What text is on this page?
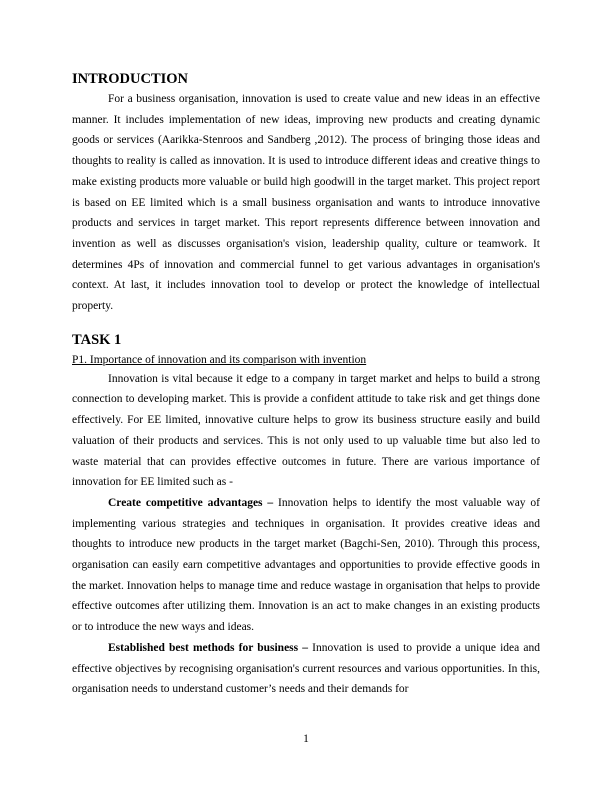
INTRODUCTION

For a business organisation, innovation is used to create value and new ideas in an effective manner. It includes implementation of new ideas, improving new products and creating dynamic goods or services (Aarikka-Stenroos and Sandberg ,2012). The process of bringing those ideas and thoughts to reality is called as innovation. It is used to introduce different ideas and creative things to make existing products more valuable or build high goodwill in the target market. This project report is based on EE limited which is a small business organisation and wants to introduce innovative products and services in target market. This report represents difference between innovation and invention as well as discusses organisation's vision, leadership quality, culture or teamwork. It determines 4Ps of innovation and commercial funnel to get various advantages in organisation's context. At last, it includes innovation tool to develop or protect the knowledge of intellectual property.

TASK 1
P1. Importance of innovation and its comparison with invention

Innovation is vital because it edge to a company in target market and helps to build a strong connection to developing market. This is provide a confident attitude to take risk and get things done effectively. For EE limited, innovative culture helps to grow its business structure easily and build valuation of their products and services. This is not only used to up valuable time but also led to waste material that can provides effective outcomes in future. There are various importance of innovation for EE limited such as -

Create competitive advantages – Innovation helps to identify the most valuable way of implementing various strategies and techniques in organisation. It provides creative ideas and thoughts to introduce new products in the target market (Bagchi-Sen, 2010). Through this process, organisation can easily earn competitive advantages and opportunities to provide effective goods in the market. Innovation helps to manage time and reduce wastage in organisation that helps to provide effective outcomes after utilizing them. Innovation is an act to make changes in an existing products or to introduce the new ways and ideas.

Established best methods for business – Innovation is used to provide a unique idea and effective objectives by recognising organisation's current resources and various opportunities. In this, organisation needs to understand customer’s needs and their demands for

1
